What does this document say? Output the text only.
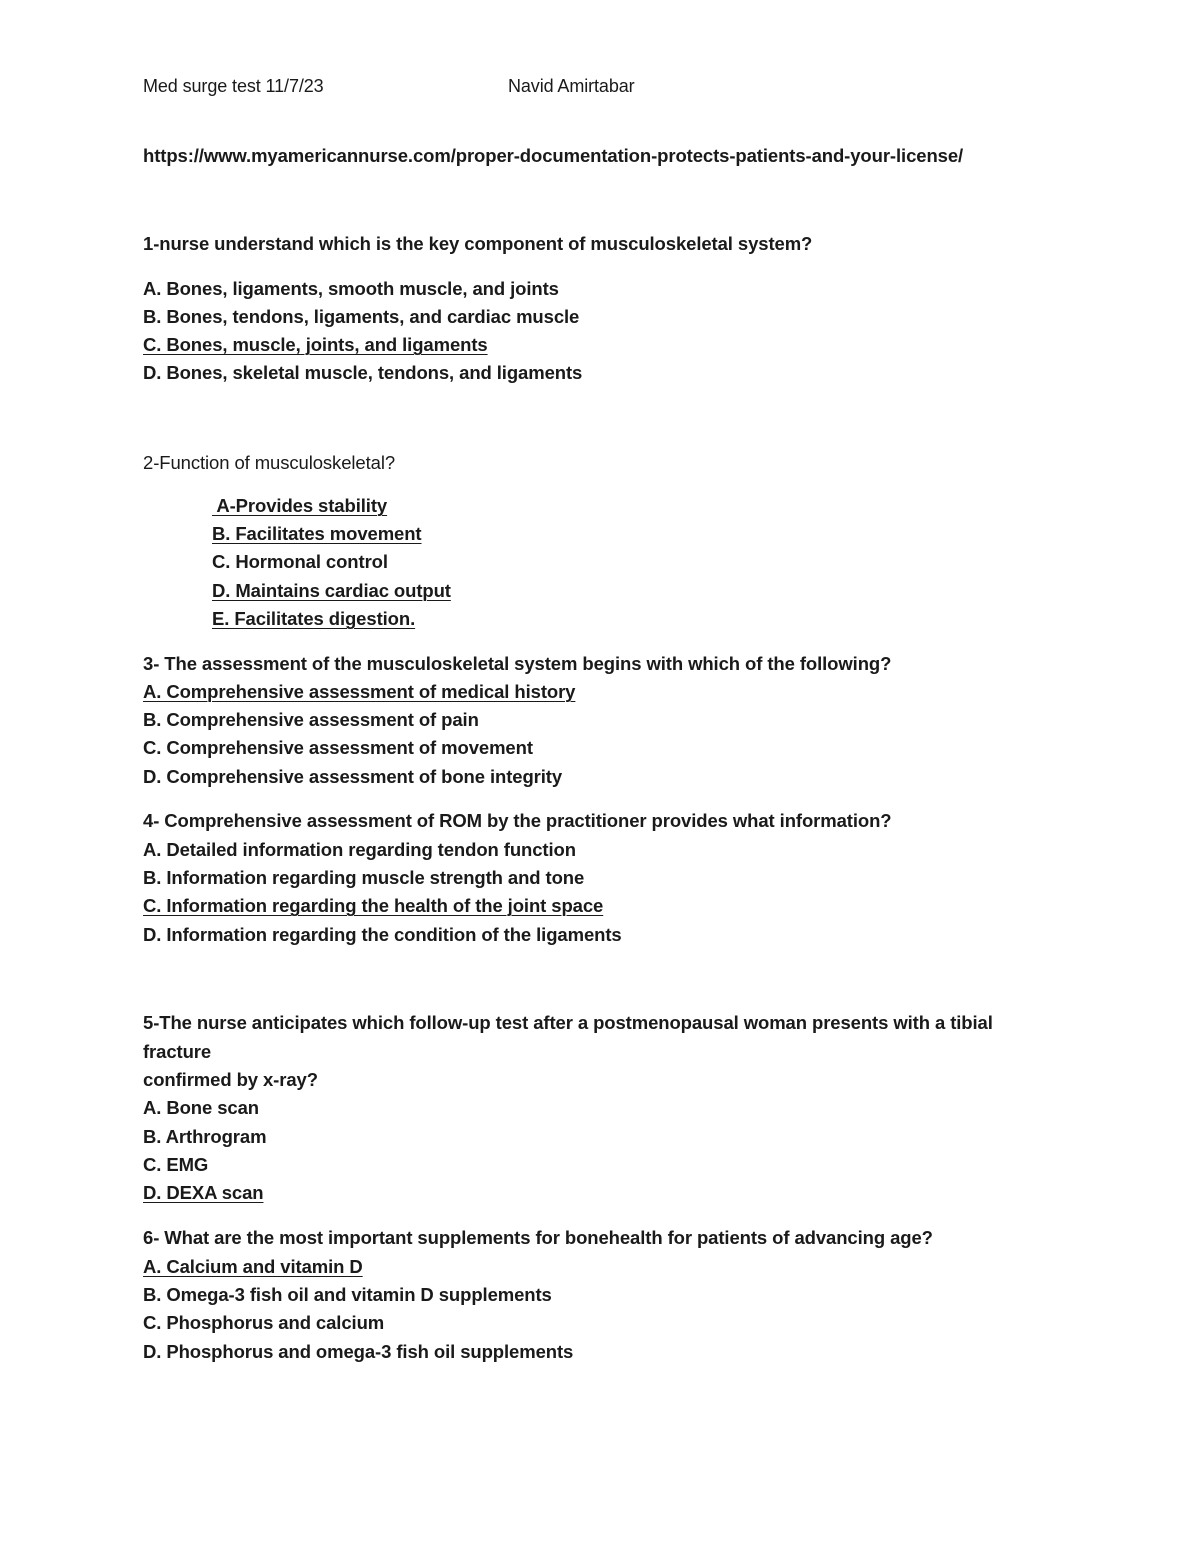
Med surge test 11/7/23	Navid Amirtabar
https://www.myamericannurse.com/proper-documentation-protects-patients-and-your-license/
1-nurse understand which is the key component of musculoskeletal system?
A. Bones, ligaments, smooth muscle, and joints
B. Bones, tendons, ligaments, and cardiac muscle
C. Bones, muscle, joints, and ligaments
D. Bones, skeletal muscle, tendons, and ligaments
2-Function of musculoskeletal?
A-Provides stability
B. Facilitates movement
C. Hormonal control
D. Maintains cardiac output
E. Facilitates digestion.
3- The assessment of the musculoskeletal system begins with which of the following?
A. Comprehensive assessment of medical history
B. Comprehensive assessment of pain
C. Comprehensive assessment of movement
D. Comprehensive assessment of bone integrity
4- Comprehensive assessment of ROM by the practitioner provides what information?
A. Detailed information regarding tendon function
B. Information regarding muscle strength and tone
C. Information regarding the health of the joint space
D. Information regarding the condition of the ligaments
5-The nurse anticipates which follow-up test after a postmenopausal woman presents with a tibial
fracture
confirmed by x-ray?
A. Bone scan
B. Arthrogram
C. EMG
D. DEXA scan
6- What are the most important supplements for bonehealth for patients of advancing age?
A. Calcium and vitamin D
B. Omega-3 fish oil and vitamin D supplements
C. Phosphorus and calcium
D. Phosphorus and omega-3 fish oil supplements
